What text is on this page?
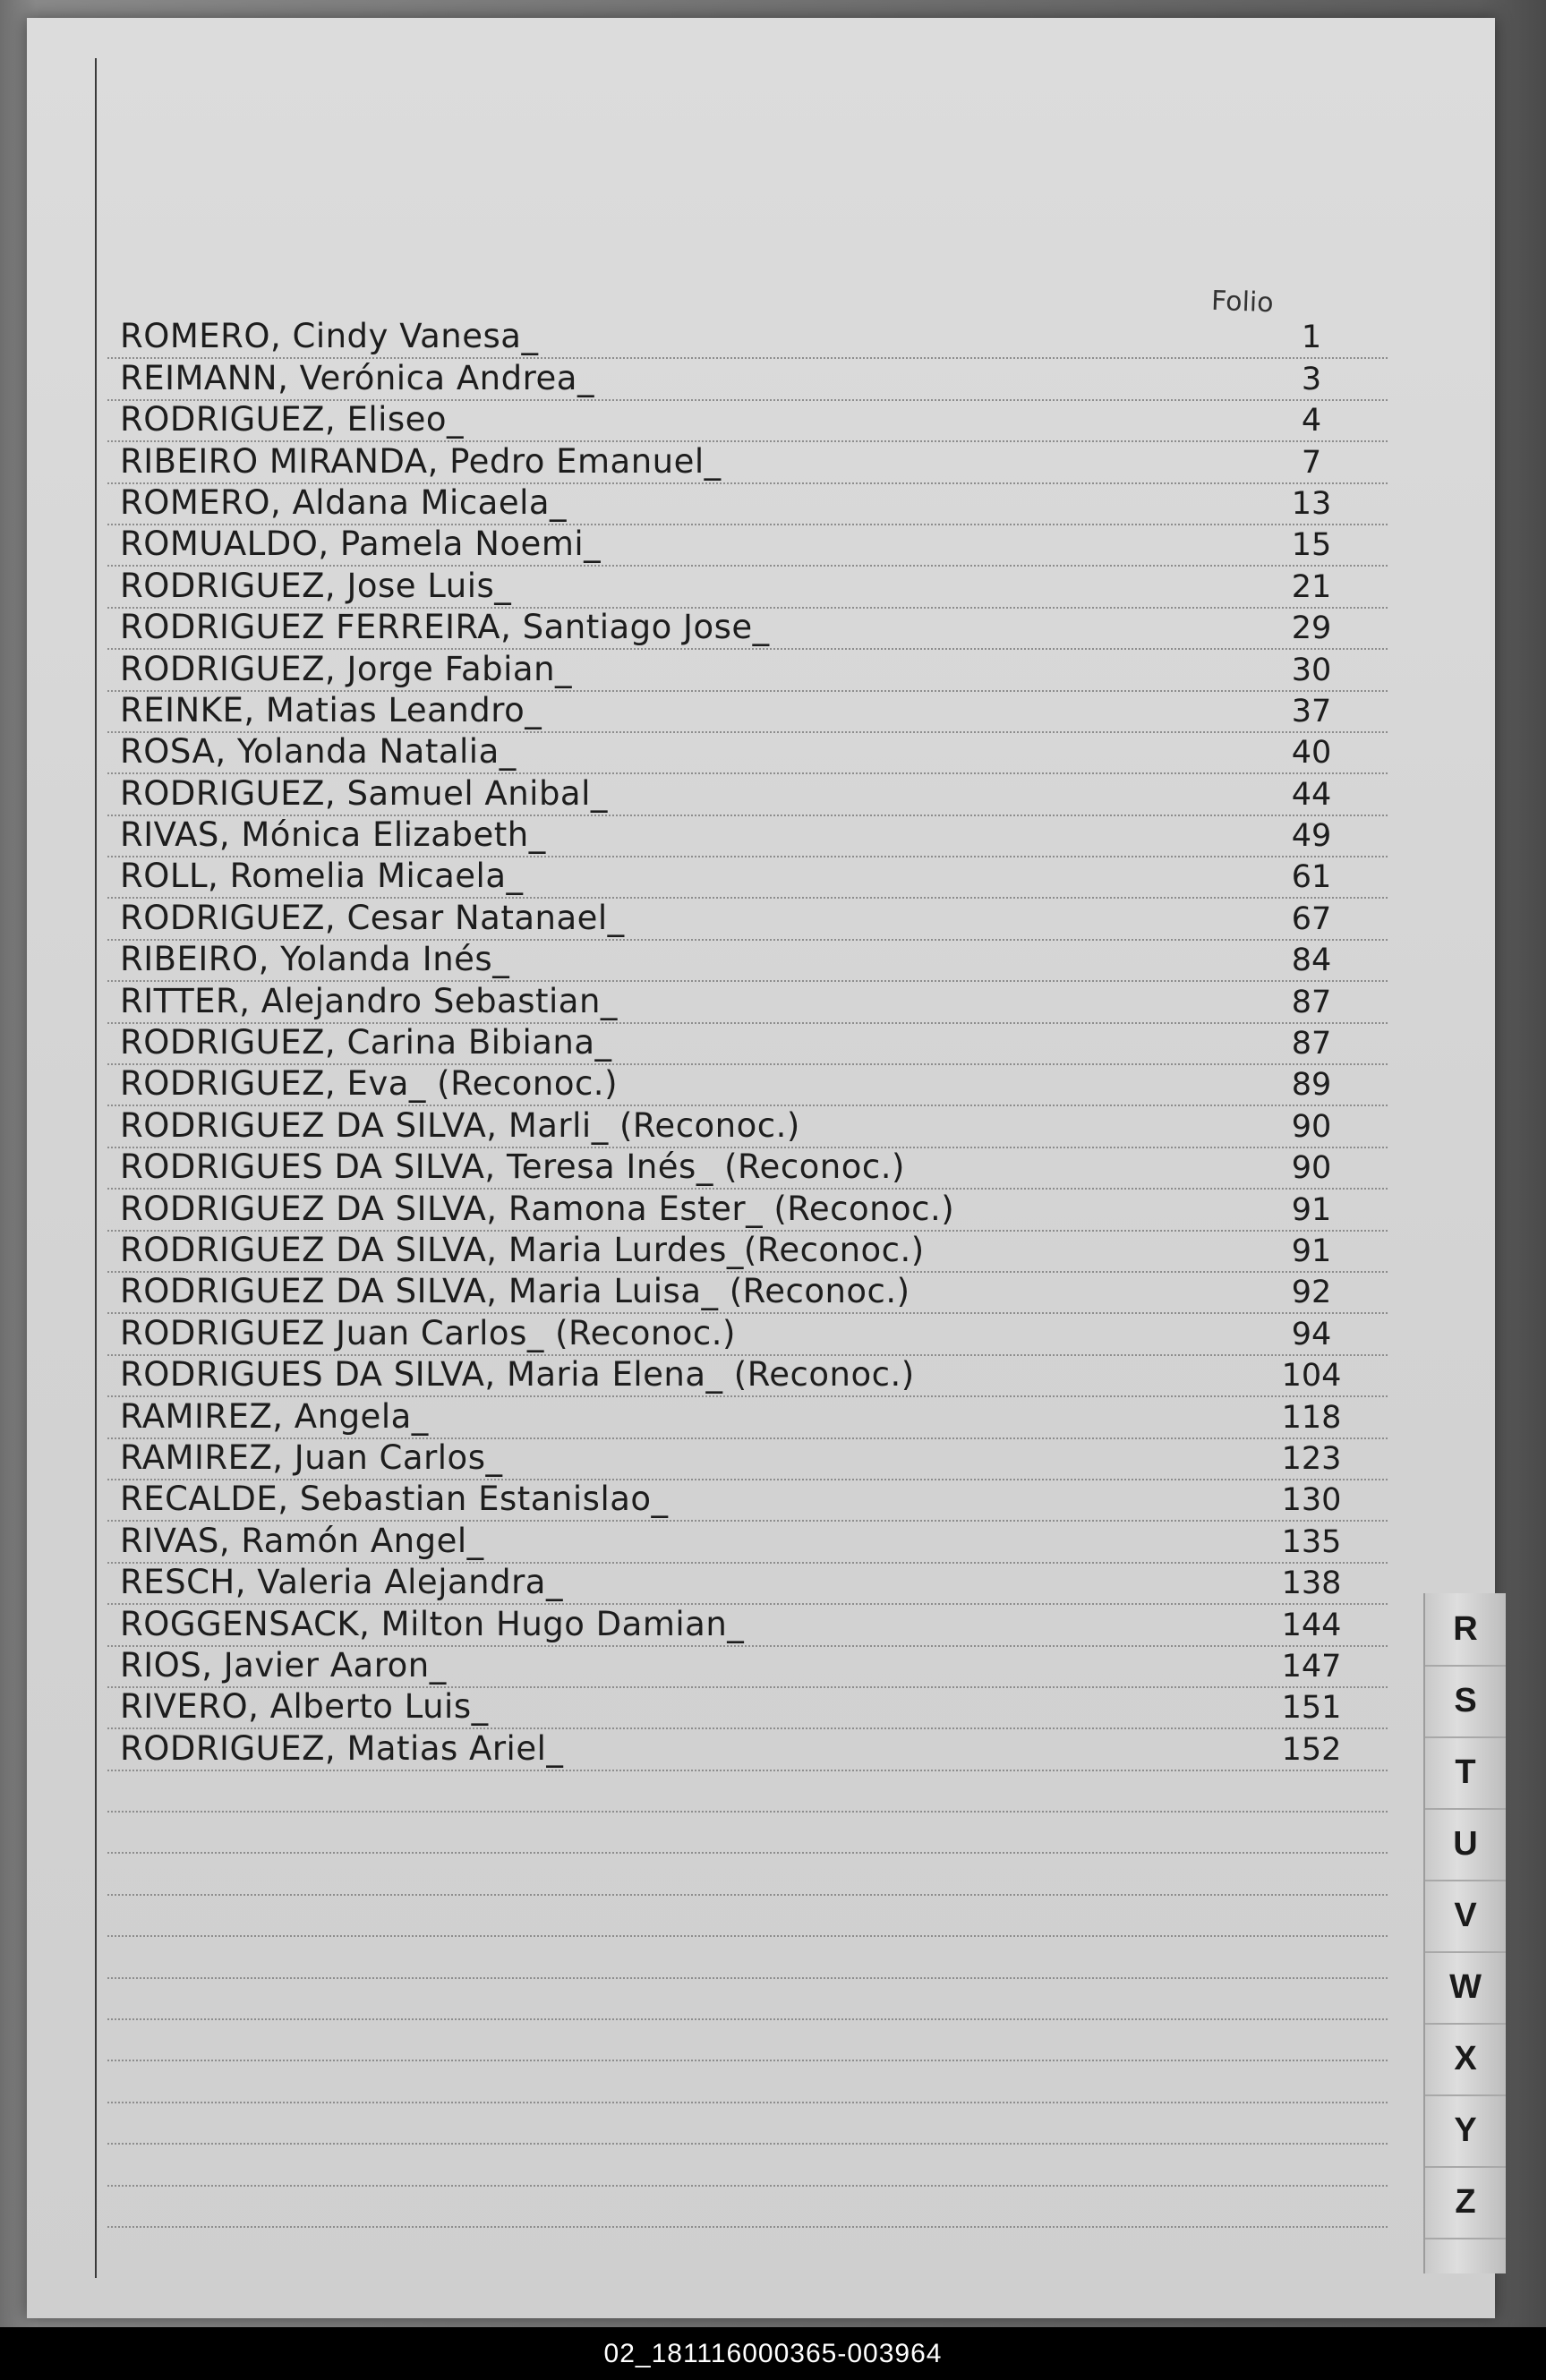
Folio
ROMERO, Cindy Vanesa_	1
REIMANN, Verónica Andrea_	3
RODRIGUEZ, Eliseo_	4
RIBEIRO MIRANDA, Pedro Emanuel_	7
ROMERO, Aldana Micaela_	13
ROMUALDO, Pamela Noemi_	15
RODRIGUEZ, Jose Luis_	21
RODRIGUEZ FERREIRA, Santiago Jose_	29
RODRIGUEZ, Jorge Fabian_	30
REINKE, Matias Leandro_	37
ROSA, Yolanda Natalia_	40
RODRIGUEZ, Samuel Anibal_	44
RIVAS, Mónica Elizabeth_	49
ROLL, Romelia Micaela_	61
RODRIGUEZ, Cesar Natanael_	67
RIBEIRO, Yolanda Inés_	84
RITTER, Alejandro Sebastian_	87
RODRIGUEZ, Carina Bibiana_	87
RODRIGUEZ, Eva_ (Reconoc.)	89
RODRIGUEZ DA SILVA, Marli_ (Reconoc.)	90
RODRIGUES DA SILVA, Teresa Inés_ (Reconoc.)	90
RODRIGUEZ DA SILVA, Ramona Ester_ (Reconoc.)	91
RODRIGUEZ DA SILVA, Maria Lurdes_(Reconoc.)	91
RODRIGUEZ DA SILVA, Maria Luisa_ (Reconoc.)	92
RODRIGUEZ Juan Carlos_ (Reconoc.)	94
RODRIGUES DA SILVA, Maria Elena_ (Reconoc.)	104
RAMIREZ, Angela_	118
RAMIREZ, Juan Carlos_	123
RECALDE, Sebastian Estanislao_	130
RIVAS, Ramón Angel_	135
RESCH, Valeria Alejandra_	138
ROGGENSACK, Milton Hugo Damian_	144
RIOS, Javier Aaron_	147
RIVERO, Alberto Luis_	151
RODRIGUEZ, Matias Ariel_	152
R
S
T
U
V
W
X
Y
Z
02_181116000365-003964
